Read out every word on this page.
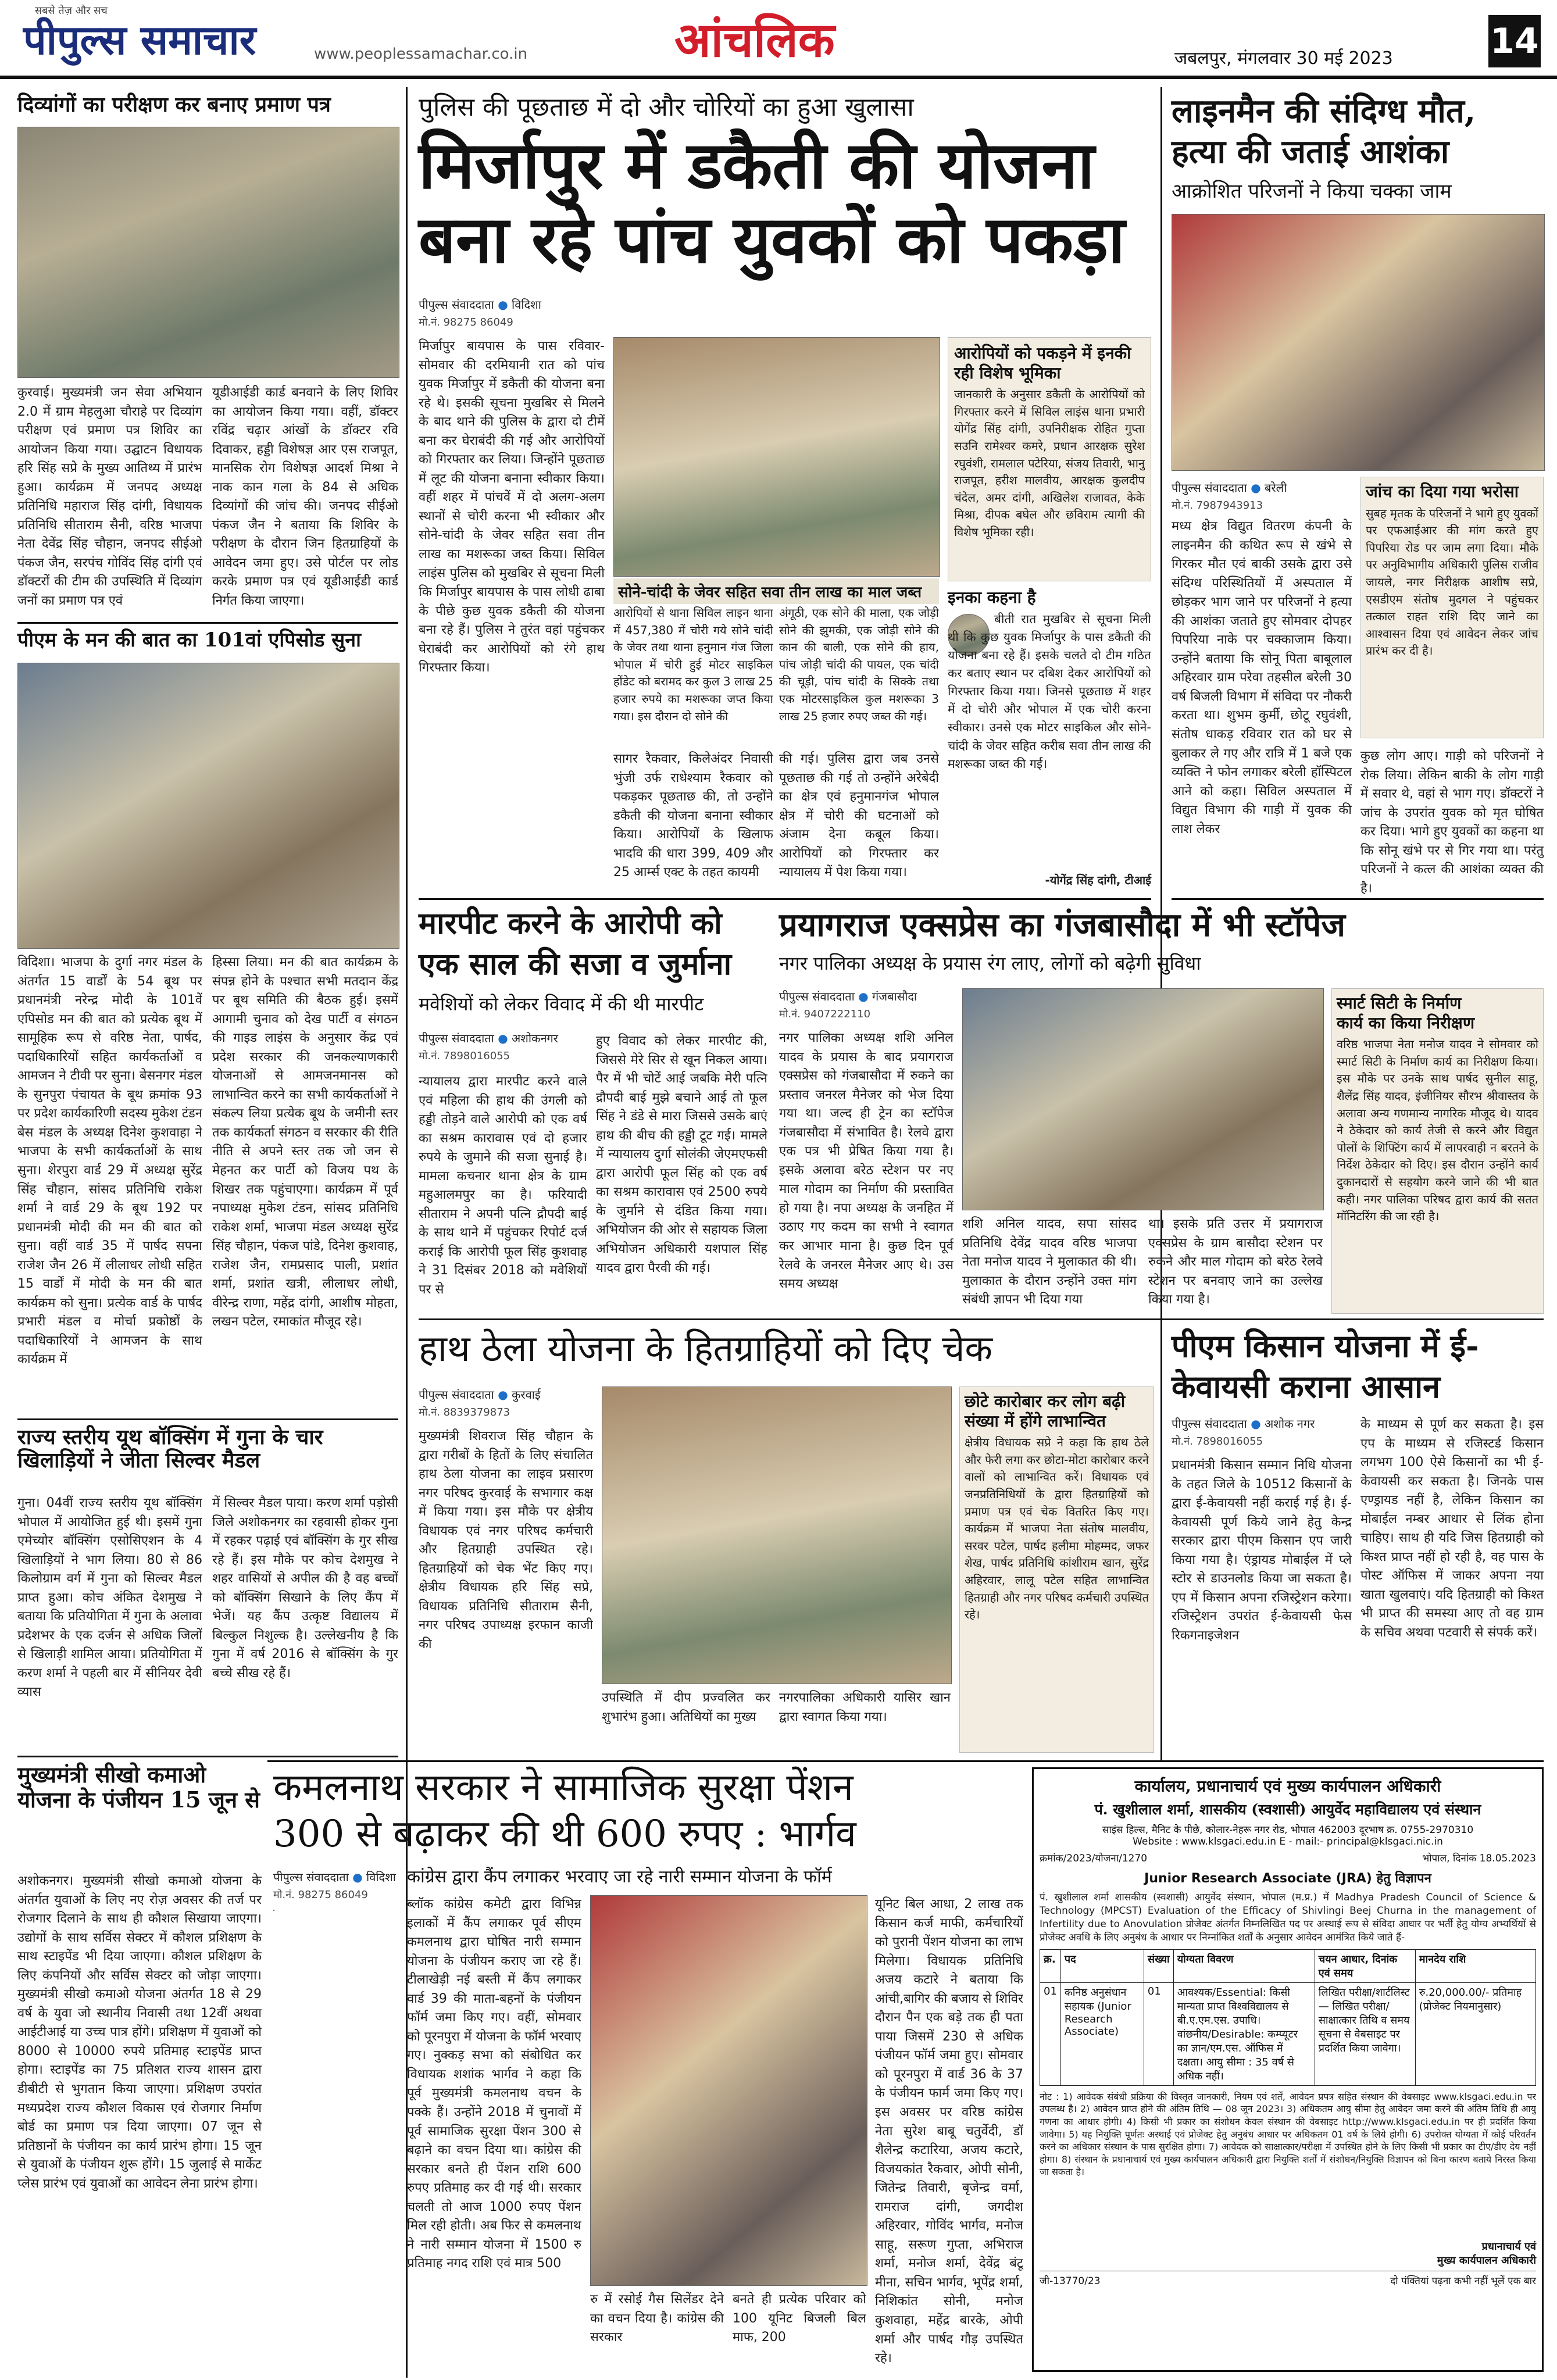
सबसे तेज़ और सच
पीपुल्स समाचार	www.peoplessamachar.co.in	आंचलिक	जबलपुर, मंगलवार 30 मई 2023	14
दिव्यांगों का परीक्षण कर बनाए प्रमाण पत्र
कुरवाई। मुख्यमंत्री जन सेवा अभियान 2.0 में ग्राम मेहलुआ चौराहे पर दिव्यांग परीक्षण एवं प्रमाण पत्र शिविर का आयोजन किया गया। उद्घाटन विधायक हरि सिंह सप्रे के मुख्य आतिथ्य में प्रारंभ हुआ। कार्यक्रम में जनपद अध्यक्ष प्रतिनिधि महाराज सिंह दांगी, विधायक प्रतिनिधि सीताराम सैनी, वरिष्ठ भाजपा नेता देवेंद्र सिंह चौहान, जनपद सीईओ पंकज जैन, सरपंच गोविंद सिंह दांगी एवं डॉक्टरों की टीम की उपस्थिति में दिव्यांग जनों का प्रमाण पत्र एवं
यूडीआईडी कार्ड बनवाने के लिए शिविर का आयोजन किया गया। वहीं, डॉक्टर रविंद्र चढ़ार आंखों के डॉक्टर रवि दिवाकर, हड्डी विशेषज्ञ आर एस राजपूत, मानसिक रोग विशेषज्ञ आदर्श मिश्रा ने नाक कान गला के 84 से अधिक दिव्यांगों की जांच की। जनपद सीईओ पंकज जैन ने बताया कि शिविर के परीक्षण के दौरान जिन हितग्राहियों के आवेदन जमा हुए। उसे पोर्टल पर लोड करके प्रमाण पत्र एवं यूडीआईडी कार्ड निर्गत किया जाएगा।
पीएम के मन की बात का 101वां एपिसोड सुना
विदिशा। भाजपा के दुर्गा नगर मंडल के अंतर्गत 15 वार्डों के 54 बूथ पर प्रधानमंत्री नरेन्द्र मोदी के 101वें एपिसोड मन की बात को प्रत्येक बूथ में सामूहिक रूप से वरिष्ठ नेता, पार्षद, पदाधिकारियों सहित कार्यकर्ताओं व आमजन ने टीवी पर सुना। बेसनगर मंडल के सुनपुरा पंचायत के बूथ क्रमांक 93 पर प्रदेश कार्यकारिणी सदस्य मुकेश टंडन बेस मंडल के अध्यक्ष दिनेश कुशवाहा ने भाजपा के सभी कार्यकर्ताओं के साथ सुना। शेरपुरा वार्ड 29 में अध्यक्ष सुरेंद्र सिंह चौहान, सांसद प्रतिनिधि राकेश शर्मा ने वार्ड 29 के बूथ 192 पर प्रधानमंत्री मोदी की मन की बात को सुना। वहीं वार्ड 35 में पार्षद सपना राजेश जैन 26 में लीलाधर लोधी सहित 15 वार्डों में मोदी के मन की बात कार्यक्रम को सुना। प्रत्येक वार्ड के पार्षद प्रभारी मंडल व मोर्चा प्रकोष्ठों के पदाधिकारियों ने आमजन के साथ कार्यक्रम में
हिस्सा लिया। मन की बात कार्यक्रम के संपन्न होने के पश्चात सभी मतदान केंद्र पर बूथ समिति की बैठक हुई। इसमें आगामी चुनाव को देख पार्टी व संगठन की गाइड लाइंस के अनुसार केंद्र एवं प्रदेश सरकार की जनकल्याणकारी योजनाओं से आमजनमानस को लाभान्वित करने का सभी कार्यकर्ताओं ने संकल्प लिया प्रत्येक बूथ के जमीनी स्तर तक कार्यकर्ता संगठन व सरकार की रीति नीति से अपने स्तर तक जो जन से मेहनत कर पार्टी को विजय पथ के शिखर तक पहुंचाएगा। कार्यक्रम में पूर्व नपाध्यक्ष मुकेश टंडन, सांसद प्रतिनिधि राकेश शर्मा, भाजपा मंडल अध्यक्ष सुरेंद्र सिंह चौहान, पंकज पांडे, दिनेश कुशवाह, राजेश जैन, रामप्रसाद पाली, प्रशांत शर्मा, प्रशांत खत्री, लीलाधर लोधी, वीरेन्द्र राणा, महेंद्र दांगी, आशीष मोहता, लखन पटेल, रमाकांत मौजूद रहे।
राज्य स्तरीय यूथ बॉक्सिंग में गुना के चार खिलाड़ियों ने जीता सिल्वर मैडल
गुना। 04वीं राज्य स्तरीय यूथ बॉक्सिंग भोपाल में आयोजित हुई थी। इसमें गुना एमेच्योर बॉक्सिंग एसोसिएशन के 4 खिलाड़ियों ने भाग लिया। 80 से 86 किलोग्राम वर्ग में गुना को सिल्वर मैडल प्राप्त हुआ। कोच अंकित देशमुख ने बताया कि प्रतियोगिता में गुना के अलावा प्रदेशभर के एक दर्जन से अधिक जिलों से खिलाड़ी शामिल आया। प्रतियोगिता में करण शर्मा ने पहली बार में सीनियर देवी व्यास
में सिल्वर मैडल पाया। करण शर्मा पड़ोसी जिले अशोकनगर का रहवासी होकर गुना में रहकर पढ़ाई एवं बॉक्सिंग के गुर सीख रहे हैं। इस मौके पर कोच देशमुख ने शहर वासियों से अपील की है वह बच्चों को बॉक्सिंग सिखाने के लिए कैंप में भेजें। यह कैंप उत्कृष्ट विद्यालय में बिल्कुल निशुल्क है। उल्लेखनीय है कि गुना में वर्ष 2016 से बॉक्सिंग के गुर बच्चे सीख रहे हैं।
मुख्यमंत्री सीखो कमाओ योजना के पंजीयन 15 जून से
अशोकनगर। मुख्यमंत्री सीखो कमाओ योजना के अंतर्गत युवाओं के लिए नए रोज़ अवसर की तर्ज पर रोजगार दिलाने के साथ ही कौशल सिखाया जाएगा। उद्योगों के साथ सर्विस सेक्टर में कौशल प्रशिक्षण के साथ स्टाइपेंड भी दिया जाएगा। कौशल प्रशिक्षण के लिए कंपनियों और सर्विस सेक्टर को जोड़ा जाएगा। मुख्यमंत्री सीखो कमाओ योजना अंतर्गत 18 से 29 वर्ष के युवा जो स्थानीय निवासी तथा 12वीं अथवा आईटीआई या उच्च पात्र होंगे। प्रशिक्षण में युवाओं को 8000 से 10000 रुपये प्रतिमाह स्टाइपेंड प्राप्त होगा। स्टाइपेंड का 75 प्रतिशत राज्य शासन द्वारा डीबीटी से भुगतान किया जाएगा। प्रशिक्षण उपरांत मध्यप्रदेश राज्य कौशल विकास एवं रोजगार निर्माण बोर्ड का प्रमाण पत्र दिया जाएगा। 07 जून से प्रतिष्ठानों के पंजीयन का कार्य प्रारंभ होगा। 15 जून से युवाओं के पंजीयन शुरू होंगे। 15 जुलाई से मार्केट प्लेस प्रारंभ एवं युवाओं का आवेदन लेना प्रारंभ होगा।
पुलिस की पूछताछ में दो और चोरियों का हुआ खुलासा
मिर्जापुर में डकैती की योजना
बना रहे पांच युवकों को पकड़ा
पीपुल्स संवाददाता ● विदिशा
मो.नं. 98275 86049
मिर्जापुर बायपास के पास रविवार-सोमवार की दरमियानी रात को पांच युवक मिर्जापुर में डकैती की योजना बना रहे थे। इसकी सूचना मुखबिर से मिलने के बाद थाने की पुलिस के द्वारा दो टीमें बना कर घेराबंदी की गई और आरोपियों को गिरफ्तार कर लिया। जिन्होंने पूछताछ में लूट की योजना बनाना स्वीकार किया। वहीं शहर में पांचवें में दो अलग-अलग स्थानों से चोरी करना भी स्वीकार और सोने-चांदी के जेवर सहित सवा तीन लाख का मशरूका जब्त किया। सिविल लाइंस पुलिस को मुखबिर से सूचना मिली कि मिर्जापुर बायपास के पास लोधी ढाबा के पीछे कुछ युवक डकैती की योजना बना रहे हैं। पुलिस ने तुरंत वहां पहुंचकर घेराबंदी कर आरोपियों को रंगे हाथ गिरफ्तार किया।
सोने-चांदी के जेवर सहित सवा तीन लाख का माल जब्त
आरोपियों से थाना सिविल लाइन थाना में 457,380 में चोरी गये सोने चांदी के जेवर तथा थाना हनुमान गंज जिला भोपाल में चोरी हुई मोटर साइकिल होंडेट को बरामद कर कुल 3 लाख 25 हजार रुपये का मशरूका जप्त किया गया। इस दौरान दो सोने की
अंगूठी, एक सोने की माला, एक जोड़ी सोने की झुमकी, एक जोड़ी सोने की कान की बाली, एक सोने की हाय, पांच जोड़ी चांदी की पायल, एक चांदी की चूड़ी, पांच चांदी के सिक्के तथा एक मोटरसाइकिल कुल मशरूका 3 लाख 25 हजार रुपए जब्त की गई।
सागर रैकवार, किलेअंदर निवासी भुंजी उर्फ राधेश्याम रैकवार को पकड़कर पूछताछ की, तो उन्होंने डकैती की योजना बनाना स्वीकार किया। आरोपियों के खिलाफ भादवि की धारा 399, 409 और 25 आर्म्स एक्ट के तहत कायमी
की गई। पुलिस द्वारा जब उनसे पूछताछ की गई तो उन्होंने अरेबेदी का क्षेत्र एवं हनुमानगंज भोपाल क्षेत्र में चोरी की घटनाओं को अंजाम देना कबूल किया। आरोपियों को गिरफ्तार कर न्यायालय में पेश किया गया।
आरोपियों को पकड़ने में इनकी रही विशेष भूमिका
जानकारी के अनुसार डकैती के आरोपियों को गिरफ्तार करने में सिविल लाइंस थाना प्रभारी योगेंद्र सिंह दांगी, उपनिरीक्षक रोहित गुप्ता सउनि रामेश्वर कमरे, प्रधान आरक्षक सुरेश रघुवंशी, रामलाल पटेरिया, संजय तिवारी, भानु राजपूत, हरीश मालवीय, आरक्षक कुलदीप चंदेल, अमर दांगी, अखिलेश राजावत, केके मिश्रा, दीपक बघेल और छविराम त्यागी की विशेष भूमिका रही।
इनका कहना है
बीती रात मुखबिर से सूचना मिली थी कि कुछ युवक मिर्जापुर के पास डकैती की योजना बना रहे हैं। इसके चलते दो टीम गठित कर बताए स्थान पर दबिश देकर आरोपियों को गिरफ्तार किया गया। जिनसे पूछताछ में शहर में दो चोरी और भोपाल में एक चोरी करना स्वीकार। उनसे एक मोटर साइकिल और सोने-चांदी के जेवर सहित करीब सवा तीन लाख की मशरूका जब्त की गई।
-योगेंद्र सिंह दांगी, टीआई
लाइनमैन की संदिग्ध मौत,
हत्या की जताई आशंका
आक्रोशित परिजनों ने किया चक्का जाम
पीपुल्स संवाददाता ● बरेली
मो.नं. 7987943913
मध्य क्षेत्र विद्युत वितरण कंपनी के लाइनमैन की कथित रूप से खंभे से गिरकर मौत एवं बाकी उसके द्वारा उसे संदिग्ध परिस्थितियों में अस्पताल में छोड़कर भाग जाने पर परिजनों ने हत्या की आशंका जताते हुए सोमवार दोपहर पिपरिया नाके पर चक्काजाम किया। उन्होंने बताया कि सोनू पिता बाबूलाल अहिरवार ग्राम परेवा तहसील बरेली 30 वर्ष बिजली विभाग में संविदा पर नौकरी करता था। शुभम कुर्मी, छोटू रघुवंशी, संतोष धाकड़ रविवार रात को घर से बुलाकर ले गए और रात्रि में 1 बजे एक व्यक्ति ने फोन लगाकर बरेली हॉस्पिटल आने को कहा। सिविल अस्पताल में विद्युत विभाग की गाड़ी में युवक की लाश लेकर
जांच का दिया गया भरोसा
सुबह मृतक के परिजनों ने भागे हुए युवकों पर एफआईआर की मांग करते हुए पिपरिया रोड पर जाम लगा दिया। मौके पर अनुविभागीय अधिकारी पुलिस राजीव जायले, नगर निरीक्षक आशीष सप्रे, एसडीएम संतोष मुदगल ने पहुंचकर तत्काल राहत राशि दिए जाने का आश्वासन दिया एवं आवेदन लेकर जांच प्रारंभ कर दी है।
कुछ लोग आए। गाड़ी को परिजनों ने रोक लिया। लेकिन बाकी के लोग गाड़ी में सवार थे, वहां से भाग गए। डॉक्टरों ने जांच के उपरांत युवक को मृत घोषित कर दिया। भागे हुए युवकों का कहना था कि सोनू खंभे पर से गिर गया था। परंतु परिजनों ने कत्ल की आशंका व्यक्त की है।
मारपीट करने के आरोपी को
एक साल की सजा व जुर्माना
मवेशियों को लेकर विवाद में की थी मारपीट
पीपुल्स संवाददाता ● अशोकनगर
मो.नं. 7898016055
न्यायालय द्वारा मारपीट करने वाले एवं महिला की हाथ की उंगली को हड्डी तोड़ने वाले आरोपी को एक वर्ष का सश्रम कारावास एवं दो हजार रुपये के जुमाने की सजा सुनाई है। मामला कचनार थाना क्षेत्र के ग्राम महुआलमपुर का है। फरियादी सीताराम ने अपनी पत्नि द्रौपदी बाई के साथ थाने में पहुंचकर रिपोर्ट दर्ज कराई कि आरोपी फूल सिंह कुशवाह ने 31 दिसंबर 2018 को मवेशियों पर से
हुए विवाद को लेकर मारपीट की, जिससे मेरे सिर से खून निकल आया। पैर में भी चोटें आई जबकि मेरी पत्नि द्रौपदी बाई मुझे बचाने आई तो फूल सिंह ने डंडे से मारा जिससे उसके बाएं हाथ की बीच की हड्डी टूट गई। मामले में न्यायालय दुर्गा सोलंकी जेएमएफसी द्वारा आरोपी फूल सिंह को एक वर्ष का सश्रम कारावास एवं 2500 रुपये के जुर्माने से दंडित किया गया। अभियोजन की ओर से सहायक जिला अभियोजन अधिकारी यशपाल सिंह यादव द्वारा पैरवी की गई।
प्रयागराज एक्सप्रेस का गंजबासौदा में भी स्टॉपेज
नगर पालिका अध्यक्ष के प्रयास रंग लाए, लोगों को बढ़ेगी सुविधा
पीपुल्स संवाददाता ● गंजबासौदा
मो.नं. 9407222110
नगर पालिका अध्यक्ष शशि अनिल यादव के प्रयास के बाद प्रयागराज एक्सप्रेस को गंजबासौदा में रुकने का प्रस्ताव जनरल मैनेजर को भेज दिया गया था। जल्द ही ट्रेन का स्टॉपेज गंजबासौदा में संभावित है। रेलवे द्वारा एक पत्र भी प्रेषित किया गया है। इसके अलावा बरेठ स्टेशन पर नए माल गोदाम का निर्माण की प्रस्तावित हो गया है। नपा अध्यक्ष के जनहित में उठाए गए कदम का सभी ने स्वागत कर आभार माना है। कुछ दिन पूर्व रेलवे के जनरल मैनेजर आए थे। उस समय अध्यक्ष
शशि अनिल यादव, सपा सांसद प्रतिनिधि देवेंद्र यादव वरिष्ठ भाजपा नेता मनोज यादव ने मुलाकात की थी। मुलाकात के दौरान उन्होंने उक्त मांग संबंधी ज्ञापन भी दिया गया
था। इसके प्रति उत्तर में प्रयागराज एक्सप्रेस के ग्राम बासौदा स्टेशन पर रुकने और माल गोदाम को बरेठ रेलवे स्टेशन पर बनवाए जाने का उल्लेख किया गया है।
स्मार्ट सिटी के निर्माण
कार्य का किया निरीक्षण
वरिष्ठ भाजपा नेता मनोज यादव ने सोमवार को स्मार्ट सिटी के निर्माण कार्य का निरीक्षण किया। इस मौके पर उनके साथ पार्षद सुनील साहू, शैलेंद्र सिंह यादव, इंजीनियर सौरभ श्रीवास्तव के अलावा अन्य गणमान्य नागरिक मौजूद थे। यादव ने ठेकेदार को कार्य तेजी से करने और विद्युत पोलों के शिफ्टिंग कार्य में लापरवाही न बरतने के निर्देश ठेकेदार को दिए। इस दौरान उन्होंने कार्य दुकानदारों से सहयोग करने जाने की भी बात कही। नगर पालिका परिषद द्वारा कार्य की सतत मॉनिटरिंग की जा रही है।
हाथ ठेला योजना के हितग्राहियों को दिए चेक
पीपुल्स संवाददाता ● कुरवाई
मो.नं. 8839379873
मुख्यमंत्री शिवराज सिंह चौहान के द्वारा गरीबों के हितों के लिए संचालित हाथ ठेला योजना का लाइव प्रसारण नगर परिषद कुरवाई के सभागार कक्ष में किया गया। इस मौके पर क्षेत्रीय विधायक एवं नगर परिषद कर्मचारी और हितग्राही उपस्थित रहे। हितग्राहियों को चेक भेंट किए गए। क्षेत्रीय विधायक हरि सिंह सप्रे, विधायक प्रतिनिधि सीताराम सैनी, नगर परिषद उपाध्यक्ष इरफान काजी की
उपस्थिति में दीप प्रज्वलित कर शुभारंभ हुआ। अतिथियों का मुख्य
नगरपालिका अधिकारी यासिर खान द्वारा स्वागत किया गया।
छोटे कारोबार कर लोग बढ़ी संख्या में होंगे लाभान्वित
क्षेत्रीय विधायक सप्रे ने कहा कि हाथ ठेले और फेरी लगा कर छोटा-मोटा कारोबार करने वालों को लाभान्वित करें। विधायक एवं जनप्रतिनिधियों के द्वारा हितग्राहियों को प्रमाण पत्र एवं चेक वितरित किए गए। कार्यक्रम में भाजपा नेता संतोष मालवीय, सरवर पटेल, पार्षद हलीमा मोहम्मद, जफर शेख, पार्षद प्रतिनिधि कांशीराम खान, सुरेंद्र अहिरवार, लालू पटेल सहित लाभान्वित हितग्राही और नगर परिषद कर्मचारी उपस्थित रहे।
पीएम किसान योजना में ई-
केवायसी कराना आसान
पीपुल्स संवाददाता ● अशोक नगर
मो.नं. 7898016055
प्रधानमंत्री किसान सम्मान निधि योजना के तहत जिले के 10512 किसानों के द्वारा ई-केवायसी नहीं कराई गई है। ई-केवायसी पूर्ण किये जाने हेतु केन्द्र सरकार द्वारा पीएम किसान एप जारी किया गया है। एंड्रायड मोबाईल में प्ले स्टोर से डाउनलोड किया जा सकता है। एप में किसान अपना रजिस्ट्रेशन करेगा। रजिस्ट्रेशन उपरांत ई-केवायसी फेस रिकगनाइजेशन
के माध्यम से पूर्ण कर सकता है। इस एप के माध्यम से रजिस्टर्ड किसान लगभग 100 ऐसे किसानों का भी ई-केवायसी कर सकता है। जिनके पास एण्ड्रायड नहीं है, लेकिन किसान का मोबाईल नम्बर आधार से लिंक होना चाहिए। साथ ही यदि जिस हितग्राही को किश्त प्राप्त नहीं हो रही है, वह पास के पोस्ट ऑफिस में जाकर अपना नया खाता खुलवाएं। यदि हितग्राही को किश्त भी प्राप्त की समस्या आए तो वह ग्राम के सचिव अथवा पटवारी से संपर्क करें।
कमलनाथ सरकार ने सामाजिक सुरक्षा पेंशन
300 से बढ़ाकर की थी 600 रुपए : भार्गव
पीपुल्स संवाददाता ● विदिशा
मो.नं. 98275 86049
कांग्रेस द्वारा कैंप लगाकर भरवाए जा रहे नारी सम्मान योजना के फॉर्म
ब्लॉक कांग्रेस कमेटी द्वारा विभिन्न इलाकों में कैंप लगाकर पूर्व सीएम कमलनाथ द्वारा घोषित नारी सम्मान योजना के पंजीयन कराए जा रहे हैं। टीलाखेड़ी नई बस्ती में कैंप लगाकर वार्ड 39 की माता-बहनों के पंजीयन फॉर्म जमा किए गए। वहीं, सोमवार को पूरनपुरा में योजना के फॉर्म भरवाए गए। नुक्कड़ सभा को संबोधित कर विधायक शशांक भार्गव ने कहा कि पूर्व मुख्यमंत्री कमलनाथ वचन के पक्के हैं। उन्होंने 2018 में चुनावों में पूर्व सामाजिक सुरक्षा पेंशन 300 से बढ़ाने का वचन दिया था। कांग्रेस की सरकार बनते ही पेंशन राशि 600 रुपए प्रतिमाह कर दी गई थी। सरकार चलती तो आज 1000 रुपए पेंशन मिल रही होती। अब फिर से कमलनाथ ने नारी सम्मान योजना में 1500 रु प्रतिमाह नगद राशि एवं मात्र 500
रु में रसोई गैस सिलेंडर देने का वचन दिया है। कांग्रेस की सरकार
बनते ही प्रत्येक परिवार को 100 यूनिट बिजली बिल माफ, 200
यूनिट बिल आधा, 2 लाख तक किसान कर्ज माफी, कर्मचारियों को पुरानी पेंशन योजना का लाभ मिलेगा। विधायक प्रतिनिधि अजय कटारे ने बताया कि आंची,बागिर की बजाय से शिविर दौरान पैन एक बड़े तक ही पता पाया जिसमें 230 से अधिक पंजीयन फॉर्म जमा हुए। सोमवार को पूरनपुरा में वार्ड 36 के 37 के पंजीयन फार्म जमा किए गए। इस अवसर पर वरिष्ठ कांग्रेस नेता सुरेश बाबू चतुर्वेदी, डॉ शैलेन्द्र कटारिया, अजय कटारे, विजयकांत रैकवार, ओपी सोनी, जितेन्द्र तिवारी, बृजेन्द्र वर्मा, रामराज दांगी, जगदीश अहिरवार, गोविंद भार्गव, मनोज साहू, सरूण गुप्ता, अभिराज शर्मा, मनोज शर्मा, देवेंद्र बंटू मीना, सचिन भार्गव, भूपेंद्र शर्मा, निशिकांत सोनी, मनोज कुशवाहा, महेंद्र बारके, ओपी शर्मा और पार्षद गौड़ उपस्थित रहे।
कार्यालय, प्रधानाचार्य एवं मुख्य कार्यपालन अधिकारी
पं. खुशीलाल शर्मा, शासकीय (स्वशासी) आयुर्वेद महाविद्यालय एवं संस्थान
साइंस हिल्स, मैनिट के पीछे, कोलार-नेहरू नगर रोड, भोपाल 462003 दूरभाष क्र. 0755-2970310
Website : www.klsgaci.edu.in E - mail:- principal@klsgaci.nic.in
क्रमांक/2023/योजना/1270	भोपाल, दिनांक 18.05.2023
Junior Research Associate (JRA) हेतु विज्ञापन
पं. खुशीलाल शर्मा शासकीय (स्वशासी) आयुर्वेद संस्थान, भोपाल (म.प्र.) में Madhya Pradesh Council of Science & Technology (MPCST) Evaluation of the Efficacy of Shivlingi Beej Churna in the management of Infertility due to Anovulation प्रोजेक्ट अंतर्गत निम्नलिखित पद पर अस्थाई रूप से संविदा आधार पर भर्ती हेतु योग्य अभ्यर्थियों से प्रोजेक्ट अवधि के लिए अनुबंध के आधार पर निम्नांकित शर्तों के अनुसार आवेदन आमंत्रित किये जाते हैं-
क्र.	पद	संख्या	योग्यता विवरण	चयन आधार, दिनांक एवं समय	मानदेय राशि
01	कनिष्ठ अनुसंधान सहायक (Junior Research Associate)	01	आवश्यक/Essential: किसी मान्यता प्राप्त विश्वविद्यालय से बी.ए.एम.एस. उपाधि। वांछनीय/Desirable: कम्प्यूटर का ज्ञान/एम.एस. ऑफिस में दक्षता। आयु सीमा : 35 वर्ष से अधिक नहीं।	लिखित परीक्षा/शार्टलिस्ट — लिखित परीक्षा/साक्षात्कार तिथि व समय सूचना से वेबसाइट पर प्रदर्शित किया जावेगा।	रु.20,000.00/- प्रतिमाह (प्रोजेक्ट नियमानुसार)
नोट : 1) आवेदक संबंधी प्रक्रिया की विस्तृत जानकारी, नियम एवं शर्तें, आवेदन प्रपत्र सहित संस्थान की वेबसाइट www.klsgaci.edu.in पर उपलब्ध है। 2) आवेदन प्राप्त होने की अंतिम तिथि — 08 जून 2023। 3) अधिकतम आयु सीमा हेतु आवेदन जमा करने की अंतिम तिथि ही आयु गणना का आधार होगी। 4) किसी भी प्रकार का संशोधन केवल संस्थान की वेबसाइट http://www.klsgaci.edu.in पर ही प्रदर्शित किया जावेगा। 5) यह नियुक्ति पूर्णतः अस्थाई एवं प्रोजेक्ट हेतु अनुबंध आधार पर अधिकतम 01 वर्ष के लिये होगी। 6) उपरोक्त योग्यता में कोई परिवर्तन करने का अधिकार संस्थान के पास सुरक्षित होगा। 7) आवेदक को साक्षात्कार/परीक्षा में उपस्थित होने के लिए किसी भी प्रकार का टीए/डीए देय नहीं होगा। 8) संस्थान के प्रधानाचार्य एवं मुख्य कार्यपालन अधिकारी द्वारा नियुक्ति शर्तों में संशोधन/नियुक्ति विज्ञापन को बिना कारण बताये निरस्त किया जा सकता है।
प्रधानाचार्य एवं
मुख्य कार्यपालन अधिकारी
जी-13770/23	दो पंक्तियां पढ़ना कभी नहीं भूलें एक बार
